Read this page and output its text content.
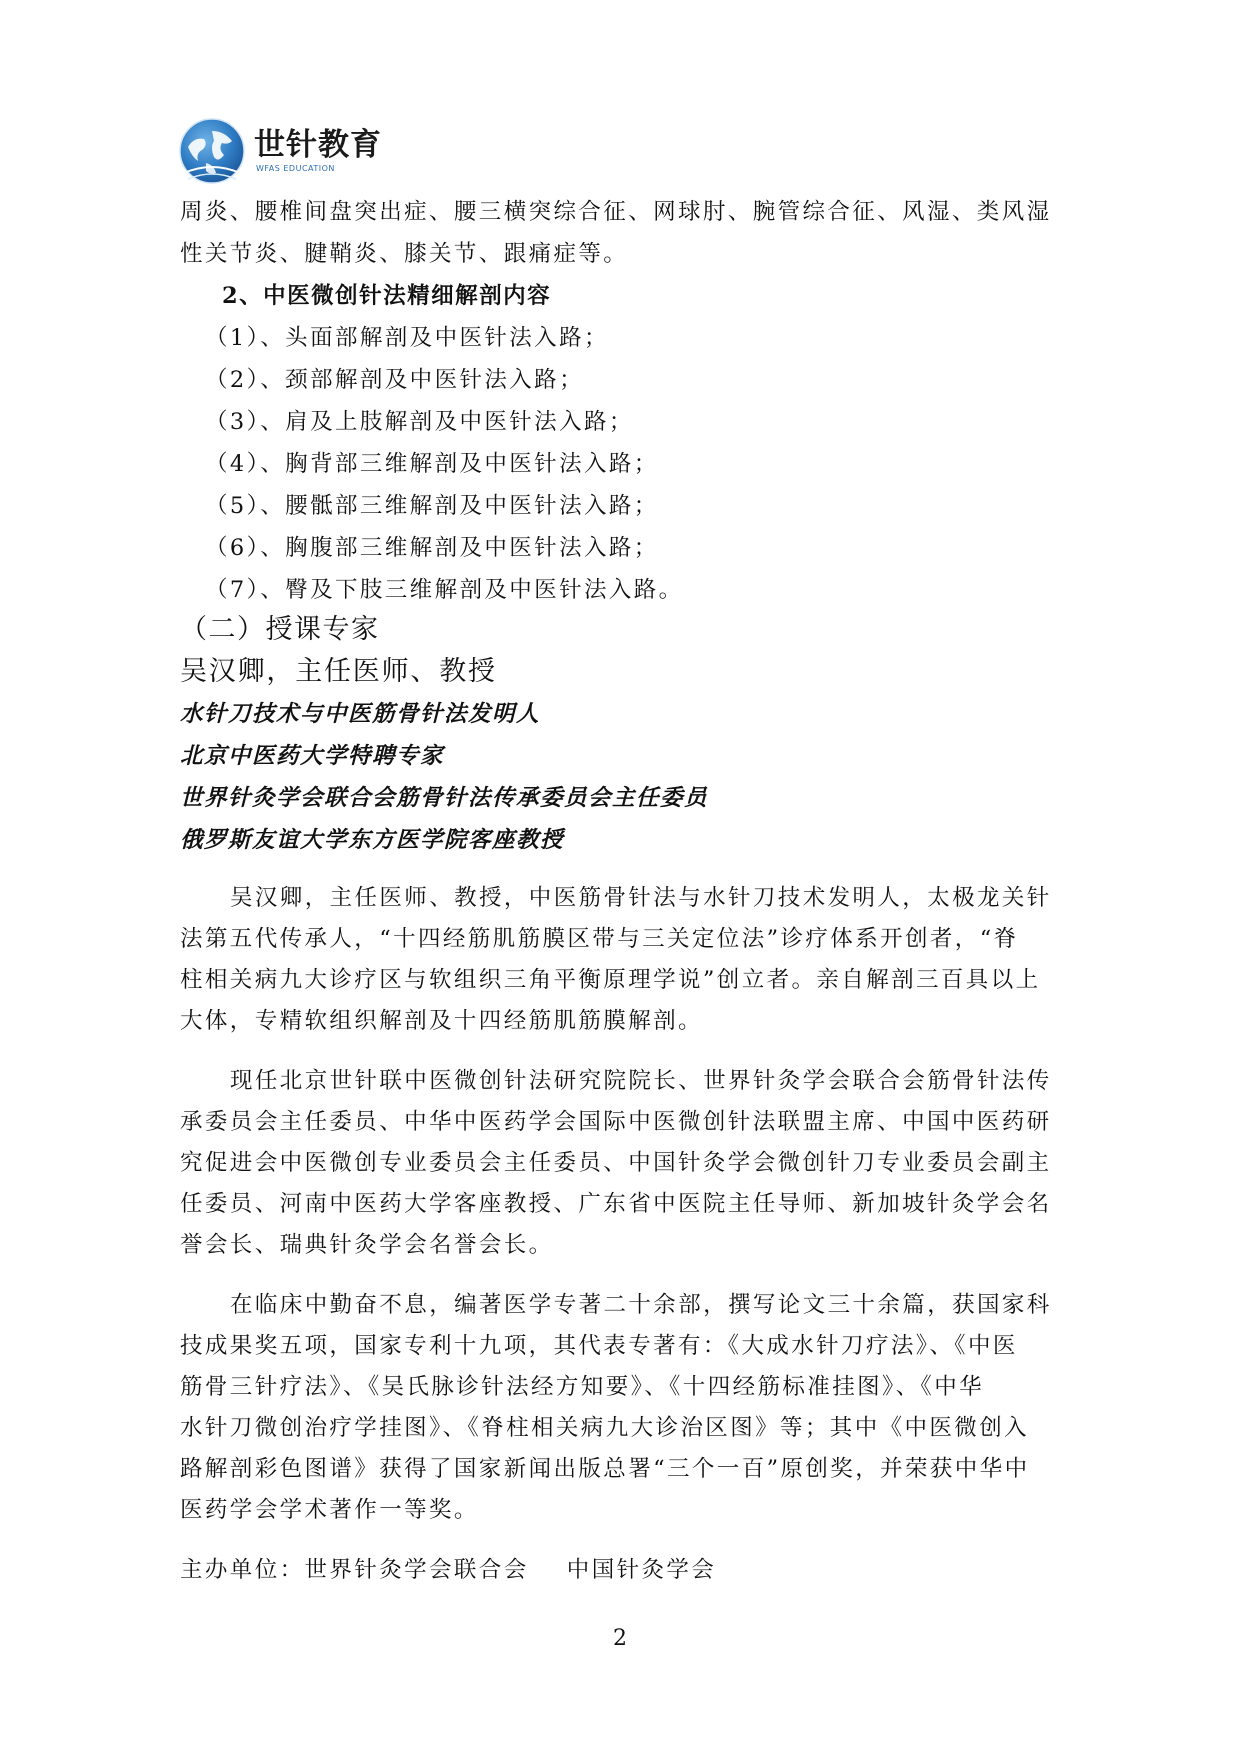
世针教育
WFAS EDUCATION

周炎、腰椎间盘突出症、腰三横突综合征、网球肘、腕管综合征、风湿、类风湿

性关节炎、腱鞘炎、膝关节、跟痛症等。

2、中医微创针法精细解剖内容

（1）、头面部解剖及中医针法入路；

（2）、颈部解剖及中医针法入路；

（3）、肩及上肢解剖及中医针法入路；

（4）、胸背部三维解剖及中医针法入路；

（5）、腰骶部三维解剖及中医针法入路；

（6）、胸腹部三维解剖及中医针法入路；

（7）、臀及下肢三维解剖及中医针法入路。

（二）授课专家

吴汉卿，主任医师、教授

水针刀技术与中医筋骨针法发明人

北京中医药大学特聘专家

世界针灸学会联合会筋骨针法传承委员会主任委员

俄罗斯友谊大学东方医学院客座教授

吴汉卿，主任医师、教授，中医筋骨针法与水针刀技术发明人，太极龙关针

法第五代传承人，“十四经筋肌筋膜区带与三关定位法”诊疗体系开创者，“脊

柱相关病九大诊疗区与软组织三角平衡原理学说”创立者。亲自解剖三百具以上

大体，专精软组织解剖及十四经筋肌筋膜解剖。

现任北京世针联中医微创针法研究院院长、世界针灸学会联合会筋骨针法传

承委员会主任委员、中华中医药学会国际中医微创针法联盟主席、中国中医药研

究促进会中医微创专业委员会主任委员、中国针灸学会微创针刀专业委员会副主

任委员、河南中医药大学客座教授、广东省中医院主任导师、新加坡针灸学会名

誉会长、瑞典针灸学会名誉会长。

在临床中勤奋不息，编著医学专著二十余部，撰写论文三十余篇，获国家科

技成果奖五项，国家专利十九项，其代表专著有：《大成水针刀疗法》、《中医

筋骨三针疗法》、《吴氏脉诊针法经方知要》、《十四经筋标准挂图》、《中华

水针刀微创治疗学挂图》、《脊柱相关病九大诊治区图》等；其中《中医微创入

路解剖彩色图谱》获得了国家新闻出版总署“三个一百”原创奖，并荣获中华中

医药学会学术著作一等奖。

主办单位：世界针灸学会联合会    中国针灸学会

2
